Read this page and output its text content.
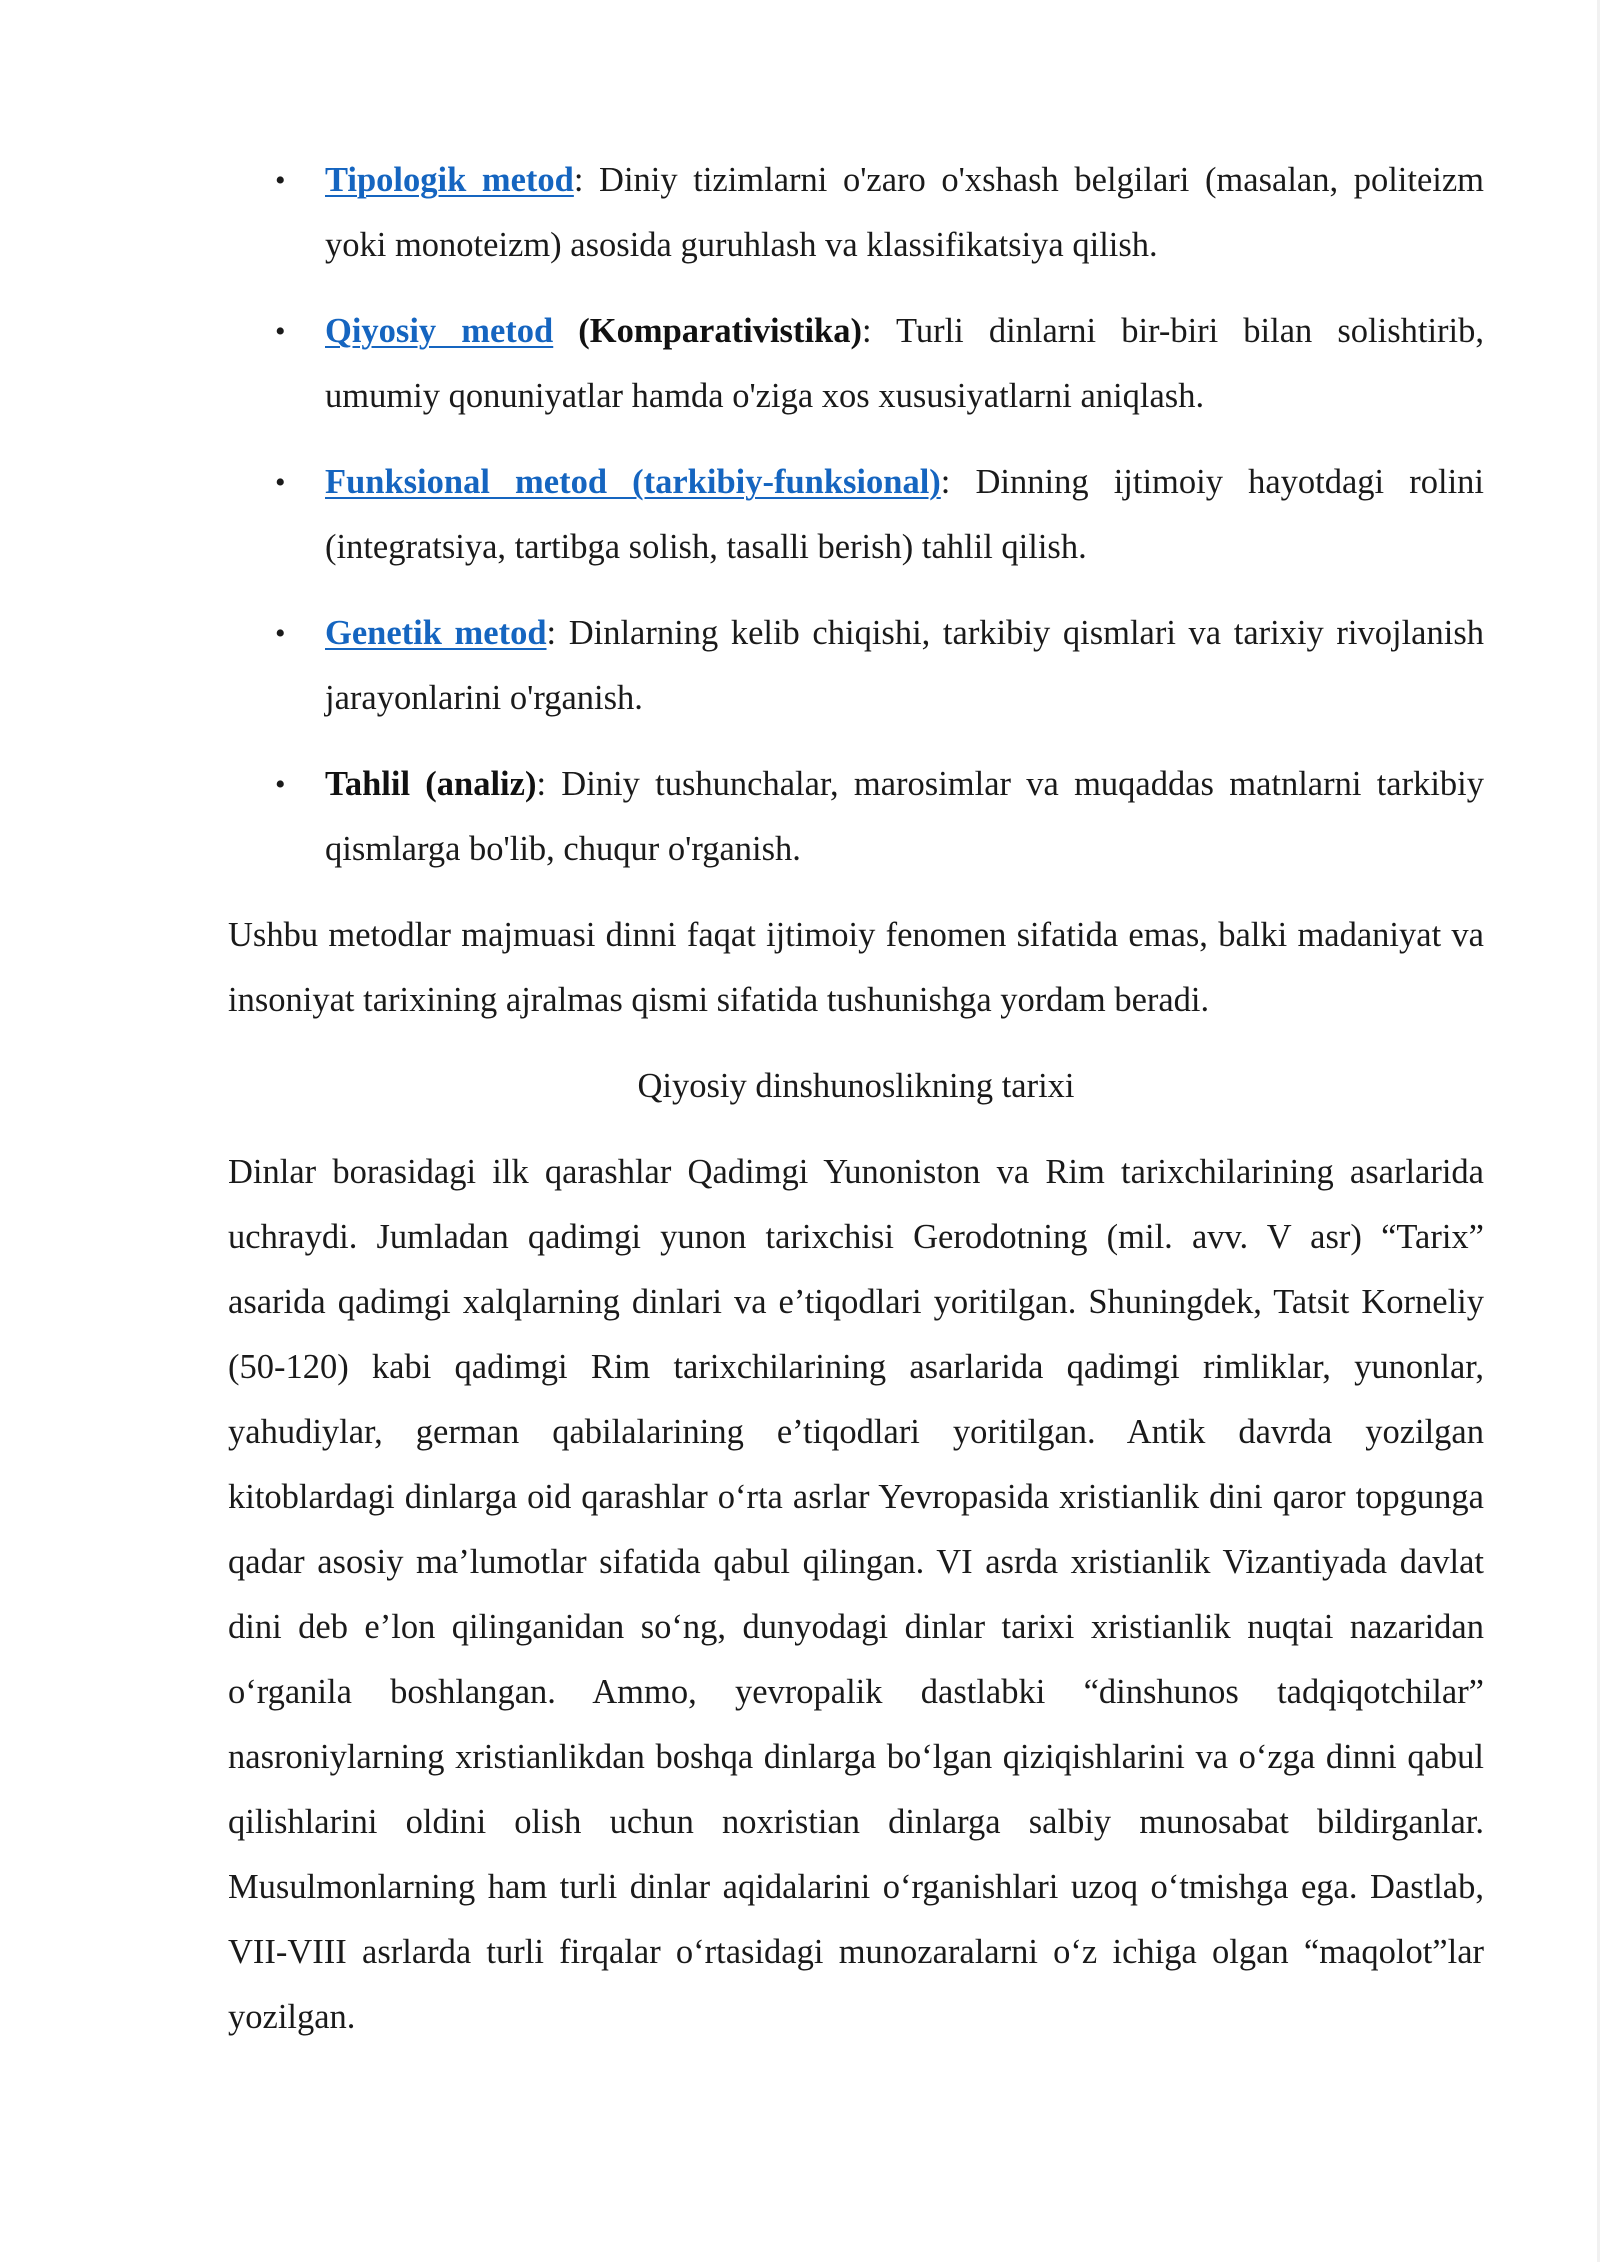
• Tipologik metod: Diniy tizimlarni o'zaro o'xshash belgilari (masalan, politeizm yoki monoteizm) asosida guruhlash va klassifikatsiya qilish.
• Qiyosiy metod (Komparativistika): Turli dinlarni bir-biri bilan solishtirib, umumiy qonuniyatlar hamda o'ziga xos xususiyatlarni aniqlash.
• Funksional metod (tarkibiy-funksional): Dinning ijtimoiy hayotdagi rolini (integratsiya, tartibga solish, tasalli berish) tahlil qilish.
• Genetik metod: Dinlarning kelib chiqishi, tarkibiy qismlari va tarixiy rivojlanish jarayonlarini o'rganish.
• Tahlil (analiz): Diniy tushunchalar, marosimlar va muqaddas matnlarni tarkibiy qismlarga bo'lib, chuqur o'rganish.

Ushbu metodlar majmuasi dinni faqat ijtimoiy fenomen sifatida emas, balki madaniyat va insoniyat tarixining ajralmas qismi sifatida tushunishga yordam beradi.

Qiyosiy dinshunoslikning tarixi

Dinlar borasidagi ilk qarashlar Qadimgi Yunoniston va Rim tarixchilarining asarlarida uchraydi. Jumladan qadimgi yunon tarixchisi Gerodotning (mil. avv. V asr) “Tarix” asarida qadimgi xalqlarning dinlari va e’tiqodlari yoritilgan. Shuningdek, Tatsit Korneliy (50-120) kabi qadimgi Rim tarixchilarining asarlarida qadimgi rimliklar, yunonlar, yahudiylar, german qabilalarining e’tiqodlari yoritilgan. Antik davrda yozilgan kitoblardagi dinlarga oid qarashlar o‘rta asrlar Yevropasida xristianlik dini qaror topgunga qadar asosiy ma’lumotlar sifatida qabul qilingan. VI asrda xristianlik Vizantiyada davlat dini deb e’lon qilinganidan so‘ng, dunyodagi dinlar tarixi xristianlik nuqtai nazaridan o‘rganila boshlangan. Ammo, yevropalik dastlabki “dinshunos tadqiqotchilar” nasroniylarning xristianlikdan boshqa dinlarga bo‘lgan qiziqishlarini va o‘zga dinni qabul qilishlarini oldini olish uchun noxristian dinlarga salbiy munosabat bildirganlar. Musulmonlarning ham turli dinlar aqidalarini o‘rganishlari uzoq o‘tmishga ega. Dastlab, VII-VIII asrlarda turli firqalar o‘rtasidagi munozaralarni o‘z ichiga olgan “maqolot”lar yozilgan.
